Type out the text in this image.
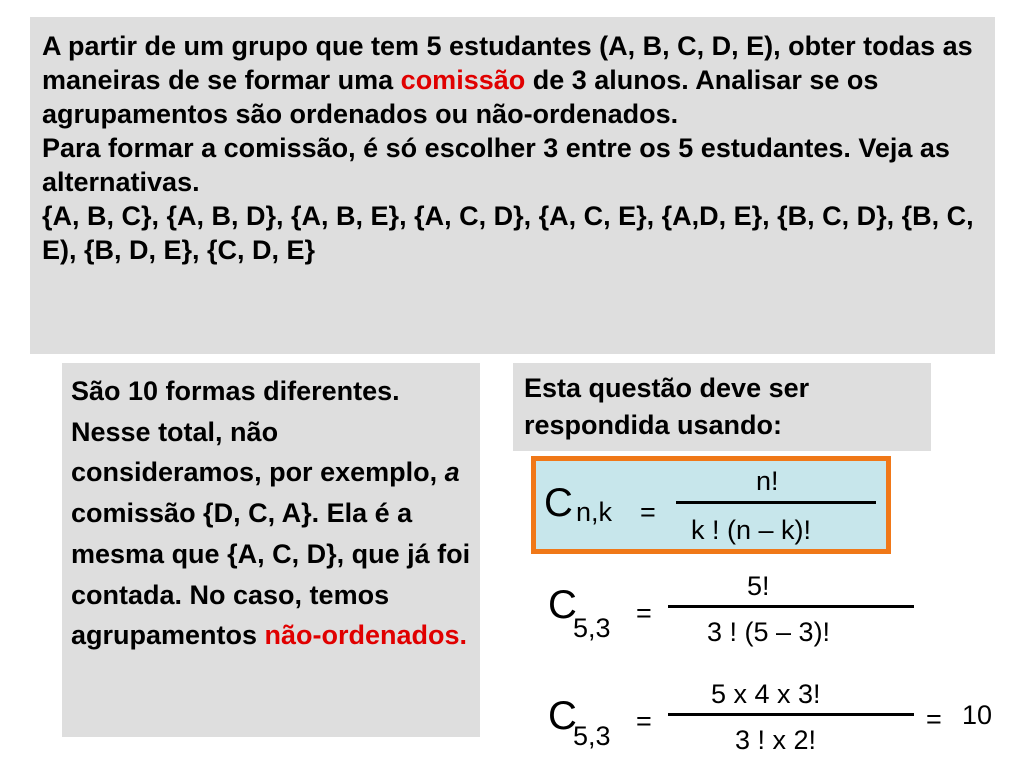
A partir de um grupo que tem 5 estudantes (A, B, C, D, E), obter todas as maneiras de se formar uma comissão de 3 alunos. Analisar se os agrupamentos são ordenados ou não-ordenados.
Para formar a comissão, é só escolher 3 entre os 5 estudantes. Veja as alternativas.
{A, B, C}, {A, B, D}, {A, B, E}, {A, C, D}, {A, C, E}, {A,D, E}, {B, C, D}, {B, C, E), {B, D, E}, {C, D, E}
São 10 formas diferentes. Nesse total, não consideramos, por exemplo, a comissão {D, C, A}. Ela é a mesma que {A, C, D}, que já foi contada. No caso, temos agrupamentos não-ordenados.
Esta questão deve ser respondida usando:
C n,k =
n!
k ! (n – k)!
C
5,3 =
5!
3 ! (5 – 3)!
C
5,3 =
5 x 4 x 3!
3 ! x 2!
= 10
